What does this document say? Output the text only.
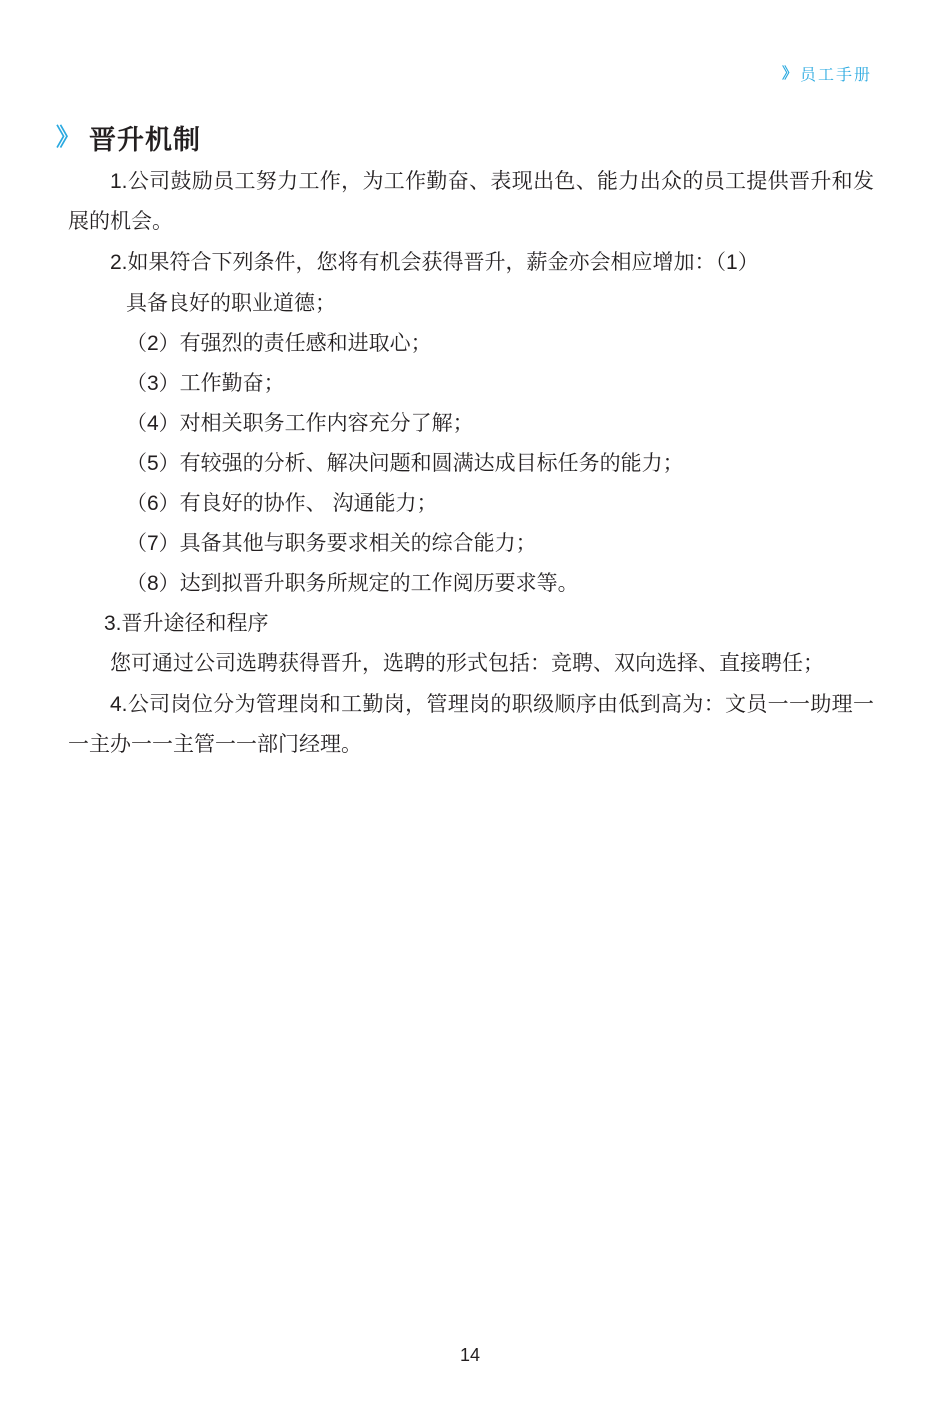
》 员工手册
》 晋升机制

1.公司鼓励员工努力工作，为工作勤奋、表现出色、能力出众的员工提供晋升和发展的机会。

2.如果符合下列条件，您将有机会获得晋升，薪金亦会相应增加：（1）

具备良好的职业道德；

（2）有强烈的责任感和进取心；

（3）工作勤奋；

（4）对相关职务工作内容充分了解；

（5）有较强的分析、解决问题和圆满达成目标任务的能力；

（6）有良好的协作、 沟通能力；

（7）具备其他与职务要求相关的综合能力；

（8）达到拟晋升职务所规定的工作阅历要求等。

3.晋升途径和程序

您可通过公司选聘获得晋升，选聘的形式包括：竞聘、双向选择、直接聘任；

4.公司岗位分为管理岗和工勤岗，管理岗的职级顺序由低到高为：文员一一助理一一主办一一主管一一部门经理。

14
